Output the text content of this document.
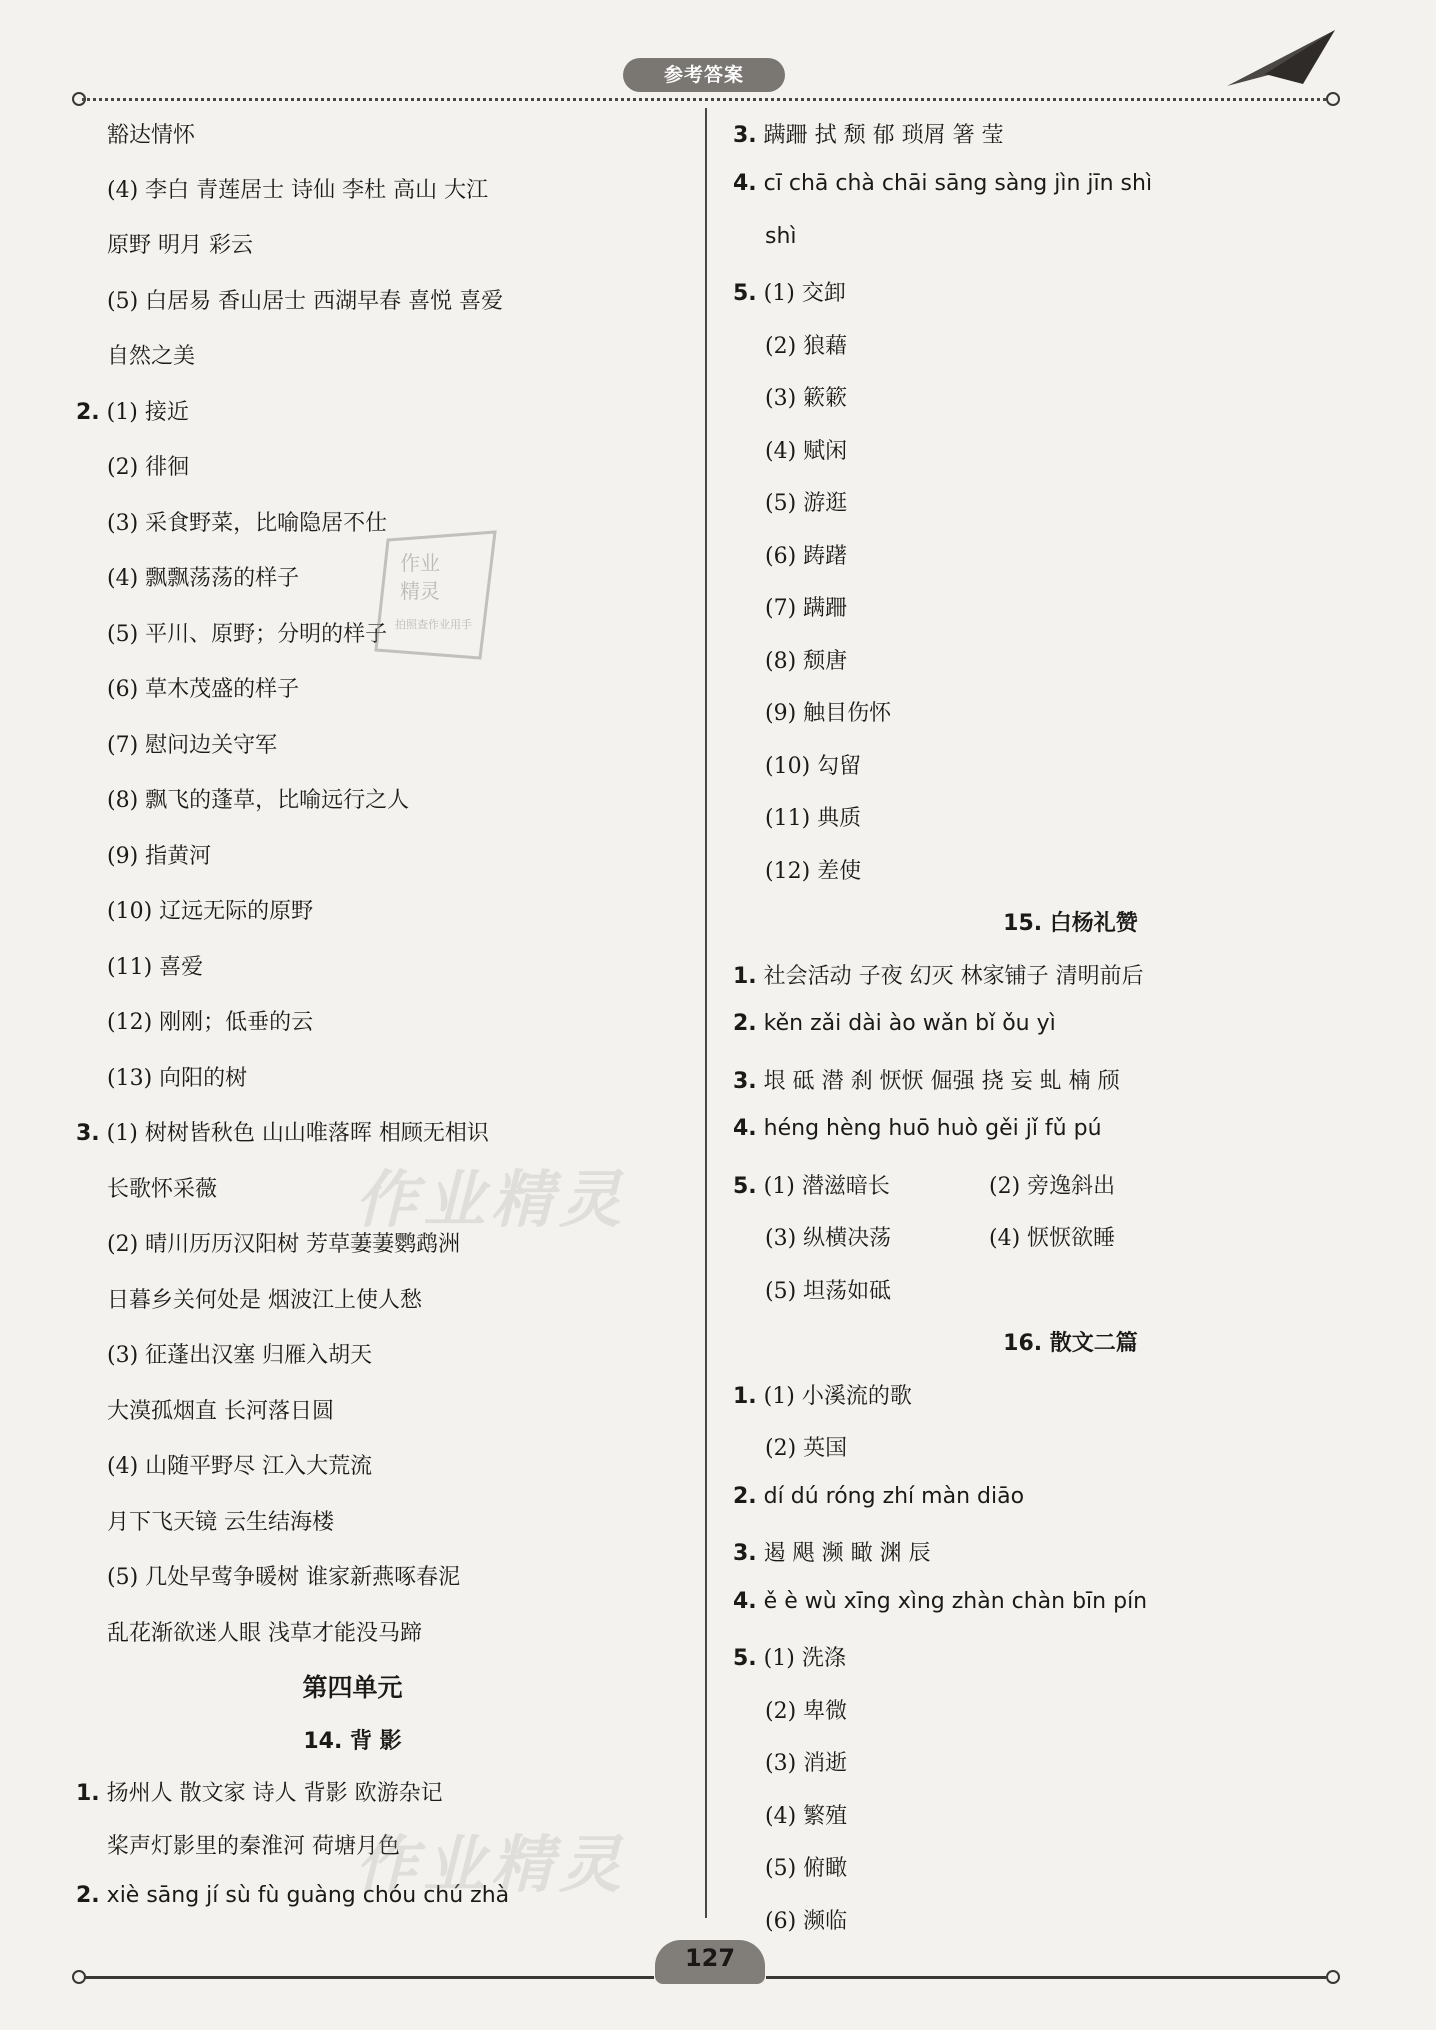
参考答案
豁达情怀
(4) 李白 青莲居士 诗仙 李杜 高山 大江
原野 明月 彩云
(5) 白居易 香山居士 西湖早春 喜悦 喜爱
自然之美
2. (1) 接近
(2) 徘徊
(3) 采食野菜，比喻隐居不仕
(4) 飘飘荡荡的样子
(5) 平川、原野；分明的样子
(6) 草木茂盛的样子
(7) 慰问边关守军
(8) 飘飞的蓬草，比喻远行之人
(9) 指黄河
(10) 辽远无际的原野
(11) 喜爱
(12) 刚刚；低垂的云
(13) 向阳的树
3. (1) 树树皆秋色 山山唯落晖 相顾无相识
长歌怀采薇
(2) 晴川历历汉阳树 芳草萋萋鹦鹉洲
日暮乡关何处是 烟波江上使人愁
(3) 征蓬出汉塞 归雁入胡天
大漠孤烟直 长河落日圆
(4) 山随平野尽 江入大荒流
月下飞天镜 云生结海楼
(5) 几处早莺争暖树 谁家新燕啄春泥
乱花渐欲迷人眼 浅草才能没马蹄
第四单元
14. 背 影
1. 扬州人 散文家 诗人 背影 欧游杂记
桨声灯影里的秦淮河 荷塘月色
2. xiè sāng jí sù fù guàng chóu chú zhà
3. 蹒跚 拭 颓 郁 琐屑 箸 莹
4. cī chā chà chāi sāng sàng jìn jīn shì
shì
5. (1) 交卸
(2) 狼藉
(3) 簌簌
(4) 赋闲
(5) 游逛
(6) 踌躇
(7) 蹒跚
(8) 颓唐
(9) 触目伤怀
(10) 勾留
(11) 典质
(12) 差使
15. 白杨礼赞
1. 社会活动 子夜 幻灭 林家铺子 清明前后
2. kěn zǎi dài ào wǎn bǐ ǒu yì
3. 垠 砥 潜 刹 恹恹 倔强 挠 妄 虬 楠 颀
4. héng hèng huō huò gěi jǐ fǔ pú
5. (1) 潜滋暗长	(2) 旁逸斜出
(3) 纵横决荡	(4) 恹恹欲睡
(5) 坦荡如砥
16. 散文二篇
1. (1) 小溪流的歌
(2) 英国
2. dí dú róng zhí màn diāo
3. 遏 飓 濒 瞰 渊 辰
4. ě è wù xīng xìng zhàn chàn bīn pín
5. (1) 洗涤
(2) 卑微
(3) 消逝
(4) 繁殖
(5) 俯瞰
(6) 濒临
作业精灵
作业精灵
作业
精灵
拍照查作业用手
127
